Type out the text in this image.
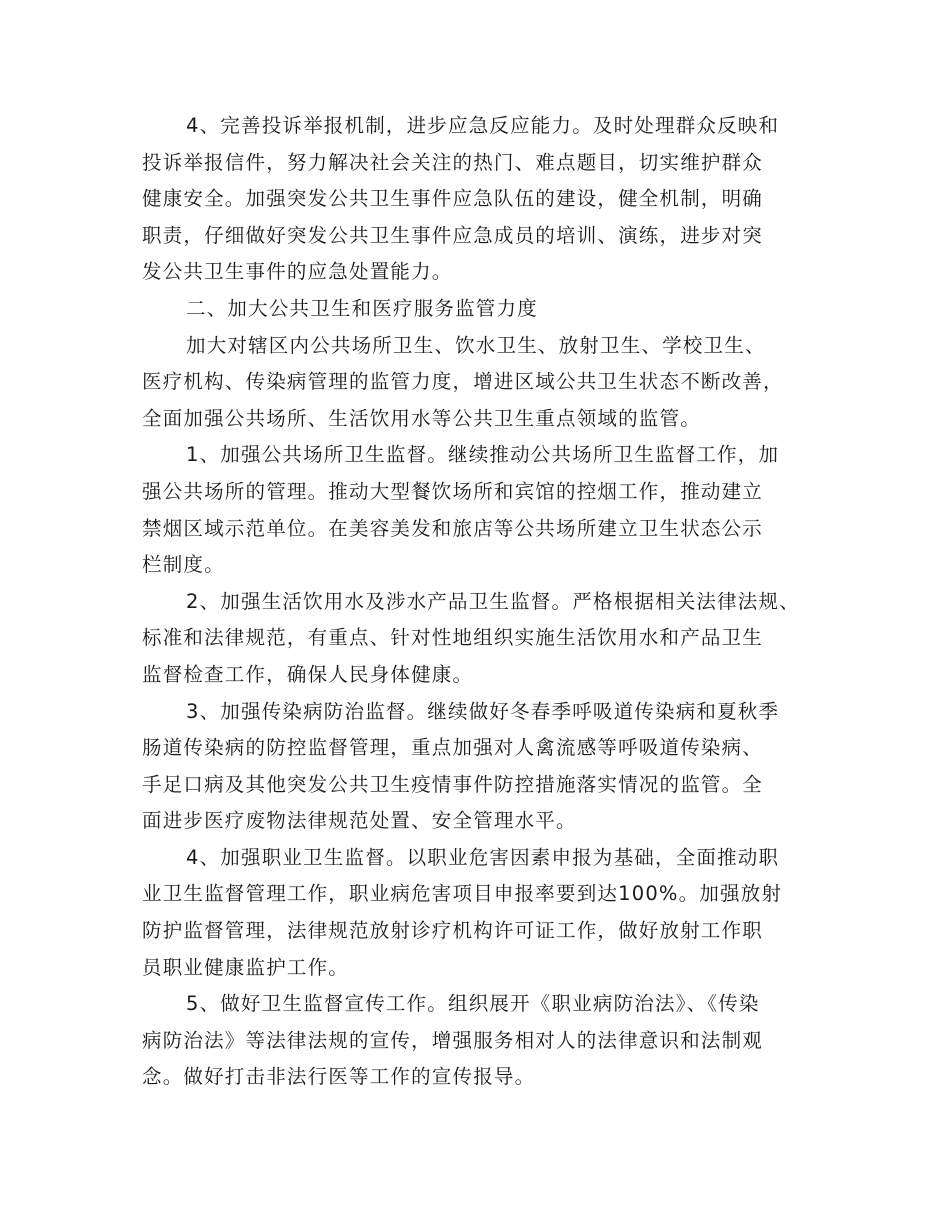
4、完善投诉举报机制，进步应急反应能力。及时处理群众反映和
投诉举报信件，努力解决社会关注的热门、难点题目，切实维护群众
健康安全。加强突发公共卫生事件应急队伍的建设，健全机制，明确
职责，仔细做好突发公共卫生事件应急成员的培训、演练，进步对突
发公共卫生事件的应急处置能力。
二、加大公共卫生和医疗服务监管力度
加大对辖区内公共场所卫生、饮水卫生、放射卫生、学校卫生、
医疗机构、传染病管理的监管力度，增进区域公共卫生状态不断改善，
全面加强公共场所、生活饮用水等公共卫生重点领域的监管。
1、加强公共场所卫生监督。继续推动公共场所卫生监督工作，加
强公共场所的管理。推动大型餐饮场所和宾馆的控烟工作，推动建立
禁烟区域示范单位。在美容美发和旅店等公共场所建立卫生状态公示
栏制度。
2、加强生活饮用水及涉水产品卫生监督。严格根据相关法律法规、
标准和法律规范，有重点、针对性地组织实施生活饮用水和产品卫生
监督检查工作，确保人民身体健康。
3、加强传染病防治监督。继续做好冬春季呼吸道传染病和夏秋季
肠道传染病的防控监督管理，重点加强对人禽流感等呼吸道传染病、
手足口病及其他突发公共卫生疫情事件防控措施落实情况的监管。全
面进步医疗废物法律规范处置、安全管理水平。
4、加强职业卫生监督。以职业危害因素申报为基础，全面推动职
业卫生监督管理工作，职业病危害项目申报率要到达100%。加强放射
防护监督管理，法律规范放射诊疗机构许可证工作，做好放射工作职
员职业健康监护工作。
5、做好卫生监督宣传工作。组织展开《职业病防治法》、《传染
病防治法》等法律法规的宣传，增强服务相对人的法律意识和法制观
念。做好打击非法行医等工作的宣传报导。
